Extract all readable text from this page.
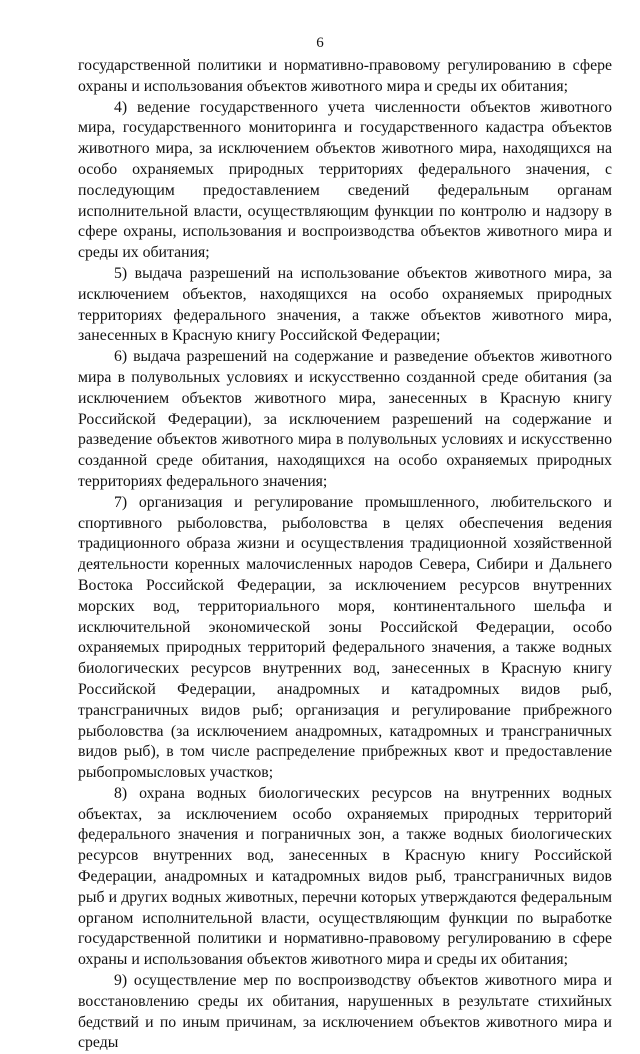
6

государственной политики и нормативно-правовому регулированию в сфере охраны и использования объектов животного мира и среды их обитания;

4) ведение государственного учета численности объектов животного мира, государственного мониторинга и государственного кадастра объектов животного мира, за исключением объектов животного мира, находящихся на особо охраняемых природных территориях федерального значения, с последующим предоставлением сведений федеральным органам исполнительной власти, осуществляющим функции по контролю и надзору в сфере охраны, использования и воспроизводства объектов животного мира и среды их обитания;

5) выдача разрешений на использование объектов животного мира, за исключением объектов, находящихся на особо охраняемых природных территориях федерального значения, а также объектов животного мира, занесенных в Красную книгу Российской Федерации;

6) выдача разрешений на содержание и разведение объектов животного мира в полувольных условиях и искусственно созданной среде обитания (за исключением объектов животного мира, занесенных в Красную книгу Российской Федерации), за исключением разрешений на содержание и разведение объектов животного мира в полувольных условиях и искусственно созданной среде обитания, находящихся на особо охраняемых природных территориях федерального значения;

7) организация и регулирование промышленного, любительского и спортивного рыболовства, рыболовства в целях обеспечения ведения традиционного образа жизни и осуществления традиционной хозяйственной деятельности коренных малочисленных народов Севера, Сибири и Дальнего Востока Российской Федерации, за исключением ресурсов внутренних морских вод, территориального моря, континентального шельфа и исключительной экономической зоны Российской Федерации, особо охраняемых природных территорий федерального значения, а также водных биологических ресурсов внутренних вод, занесенных в Красную книгу Российской Федерации, анадромных и катадромных видов рыб, трансграничных видов рыб; организация и регулирование прибрежного рыболовства (за исключением анадромных, катадромных и трансграничных видов рыб), в том числе распределение прибрежных квот и предоставление рыбопромысловых участков;

8) охрана водных биологических ресурсов на внутренних водных объектах, за исключением особо охраняемых природных территорий федерального значения и пограничных зон, а также водных биологических ресурсов внутренних вод, занесенных в Красную книгу Российской Федерации, анадромных и катадромных видов рыб, трансграничных видов рыб и других водных животных, перечни которых утверждаются федеральным органом исполнительной власти, осуществляющим функции по выработке государственной политики и нормативно-правовому регулированию в сфере охраны и использования объектов животного мира и среды их обитания;

9) осуществление мер по воспроизводству объектов животного мира и восстановлению среды их обитания, нарушенных в результате стихийных бедствий и по иным причинам, за исключением объектов животного мира и среды
